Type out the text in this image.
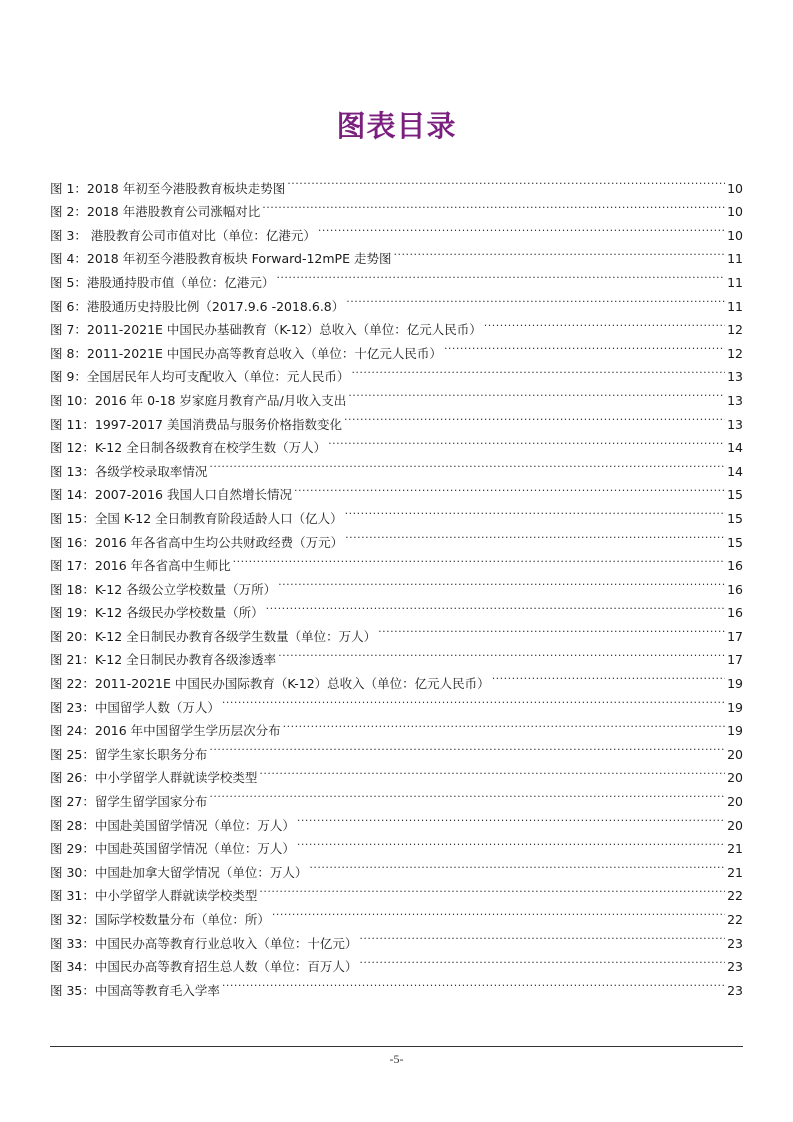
图表目录
图 1：2018 年初至今港股教育板块走势图 .....	10
图 2：2018 年港股教育公司涨幅对比 .....	10
图 3： 港股教育公司市值对比（单位：亿港元） .....	10
图 4：2018 年初至今港股教育板块 Forward-12mPE 走势图 .....	11
图 5：港股通持股市值（单位：亿港元） .....	11
图 6：港股通历史持股比例（2017.9.6 -2018.6.8） .....	11
图 7：2011-2021E 中国民办基础教育（K-12）总收入（单位：亿元人民币） .....	12
图 8：2011-2021E 中国民办高等教育总收入（单位：十亿元人民币） .....	12
图 9：全国居民年人均可支配收入（单位：元人民币） .....	13
图 10：2016 年 0-18 岁家庭月教育产品/月收入支出 .....	13
图 11：1997-2017 美国消费品与服务价格指数变化 .....	13
图 12：K-12 全日制各级教育在校学生数（万人） .....	14
图 13：各级学校录取率情况 .....	14
图 14：2007-2016 我国人口自然增长情况 .....	15
图 15：全国 K-12 全日制教育阶段适龄人口（亿人） .....	15
图 16：2016 年各省高中生均公共财政经费（万元） .....	15
图 17：2016 年各省高中生师比 .....	16
图 18：K-12 各级公立学校数量（万所） .....	16
图 19：K-12 各级民办学校数量（所） .....	16
图 20：K-12 全日制民办教育各级学生数量（单位：万人） .....	17
图 21：K-12 全日制民办教育各级渗透率 .....	17
图 22：2011-2021E 中国民办国际教育（K-12）总收入（单位：亿元人民币） .....	19
图 23：中国留学人数（万人） .....	19
图 24：2016 年中国留学生学历层次分布 .....	19
图 25：留学生家长职务分布 .....	20
图 26：中小学留学人群就读学校类型 .....	20
图 27：留学生留学国家分布 .....	20
图 28：中国赴美国留学情况（单位：万人） .....	20
图 29：中国赴英国留学情况（单位：万人） .....	21
图 30：中国赴加拿大留学情况（单位：万人） .....	21
图 31：中小学留学人群就读学校类型 .....	22
图 32：国际学校数量分布（单位：所） .....	22
图 33：中国民办高等教育行业总收入（单位：十亿元） .....	23
图 34：中国民办高等教育招生总人数（单位：百万人） .....	23
图 35：中国高等教育毛入学率 .....	23
-5-
